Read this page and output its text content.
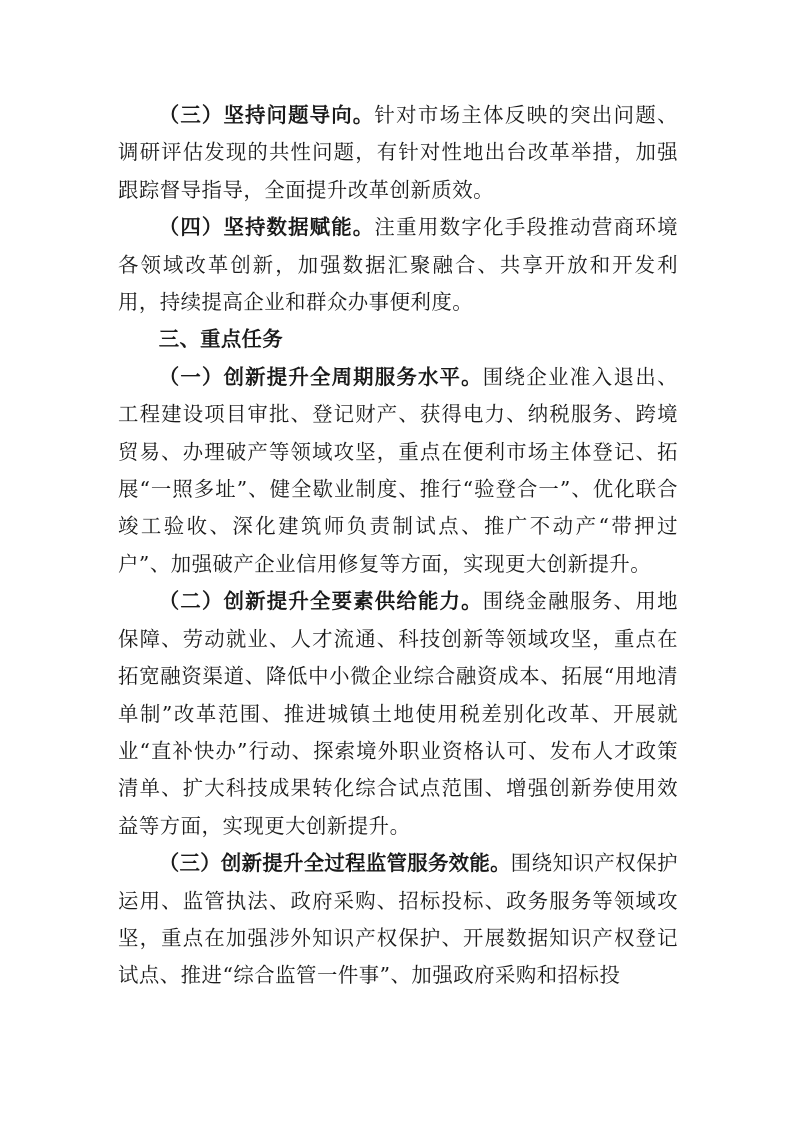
（三）坚持问题导向。针对市场主体反映的突出问题、调研评估发现的共性问题，有针对性地出台改革举措，加强跟踪督导指导，全面提升改革创新质效。

（四）坚持数据赋能。注重用数字化手段推动营商环境各领域改革创新，加强数据汇聚融合、共享开放和开发利用，持续提高企业和群众办事便利度。

三、重点任务

（一）创新提升全周期服务水平。围绕企业准入退出、工程建设项目审批、登记财产、获得电力、纳税服务、跨境贸易、办理破产等领域攻坚，重点在便利市场主体登记、拓展“一照多址”、健全歇业制度、推行“验登合一”、优化联合竣工验收、深化建筑师负责制试点、推广不动产“带押过户”、加强破产企业信用修复等方面，实现更大创新提升。

（二）创新提升全要素供给能力。围绕金融服务、用地保障、劳动就业、人才流通、科技创新等领域攻坚，重点在拓宽融资渠道、降低中小微企业综合融资成本、拓展“用地清单制”改革范围、推进城镇土地使用税差别化改革、开展就业“直补快办”行动、探索境外职业资格认可、发布人才政策清单、扩大科技成果转化综合试点范围、增强创新券使用效益等方面，实现更大创新提升。

（三）创新提升全过程监管服务效能。围绕知识产权保护运用、监管执法、政府采购、招标投标、政务服务等领域攻坚，重点在加强涉外知识产权保护、开展数据知识产权登记试点、推进“综合监管一件事”、加强政府采购和招标投
